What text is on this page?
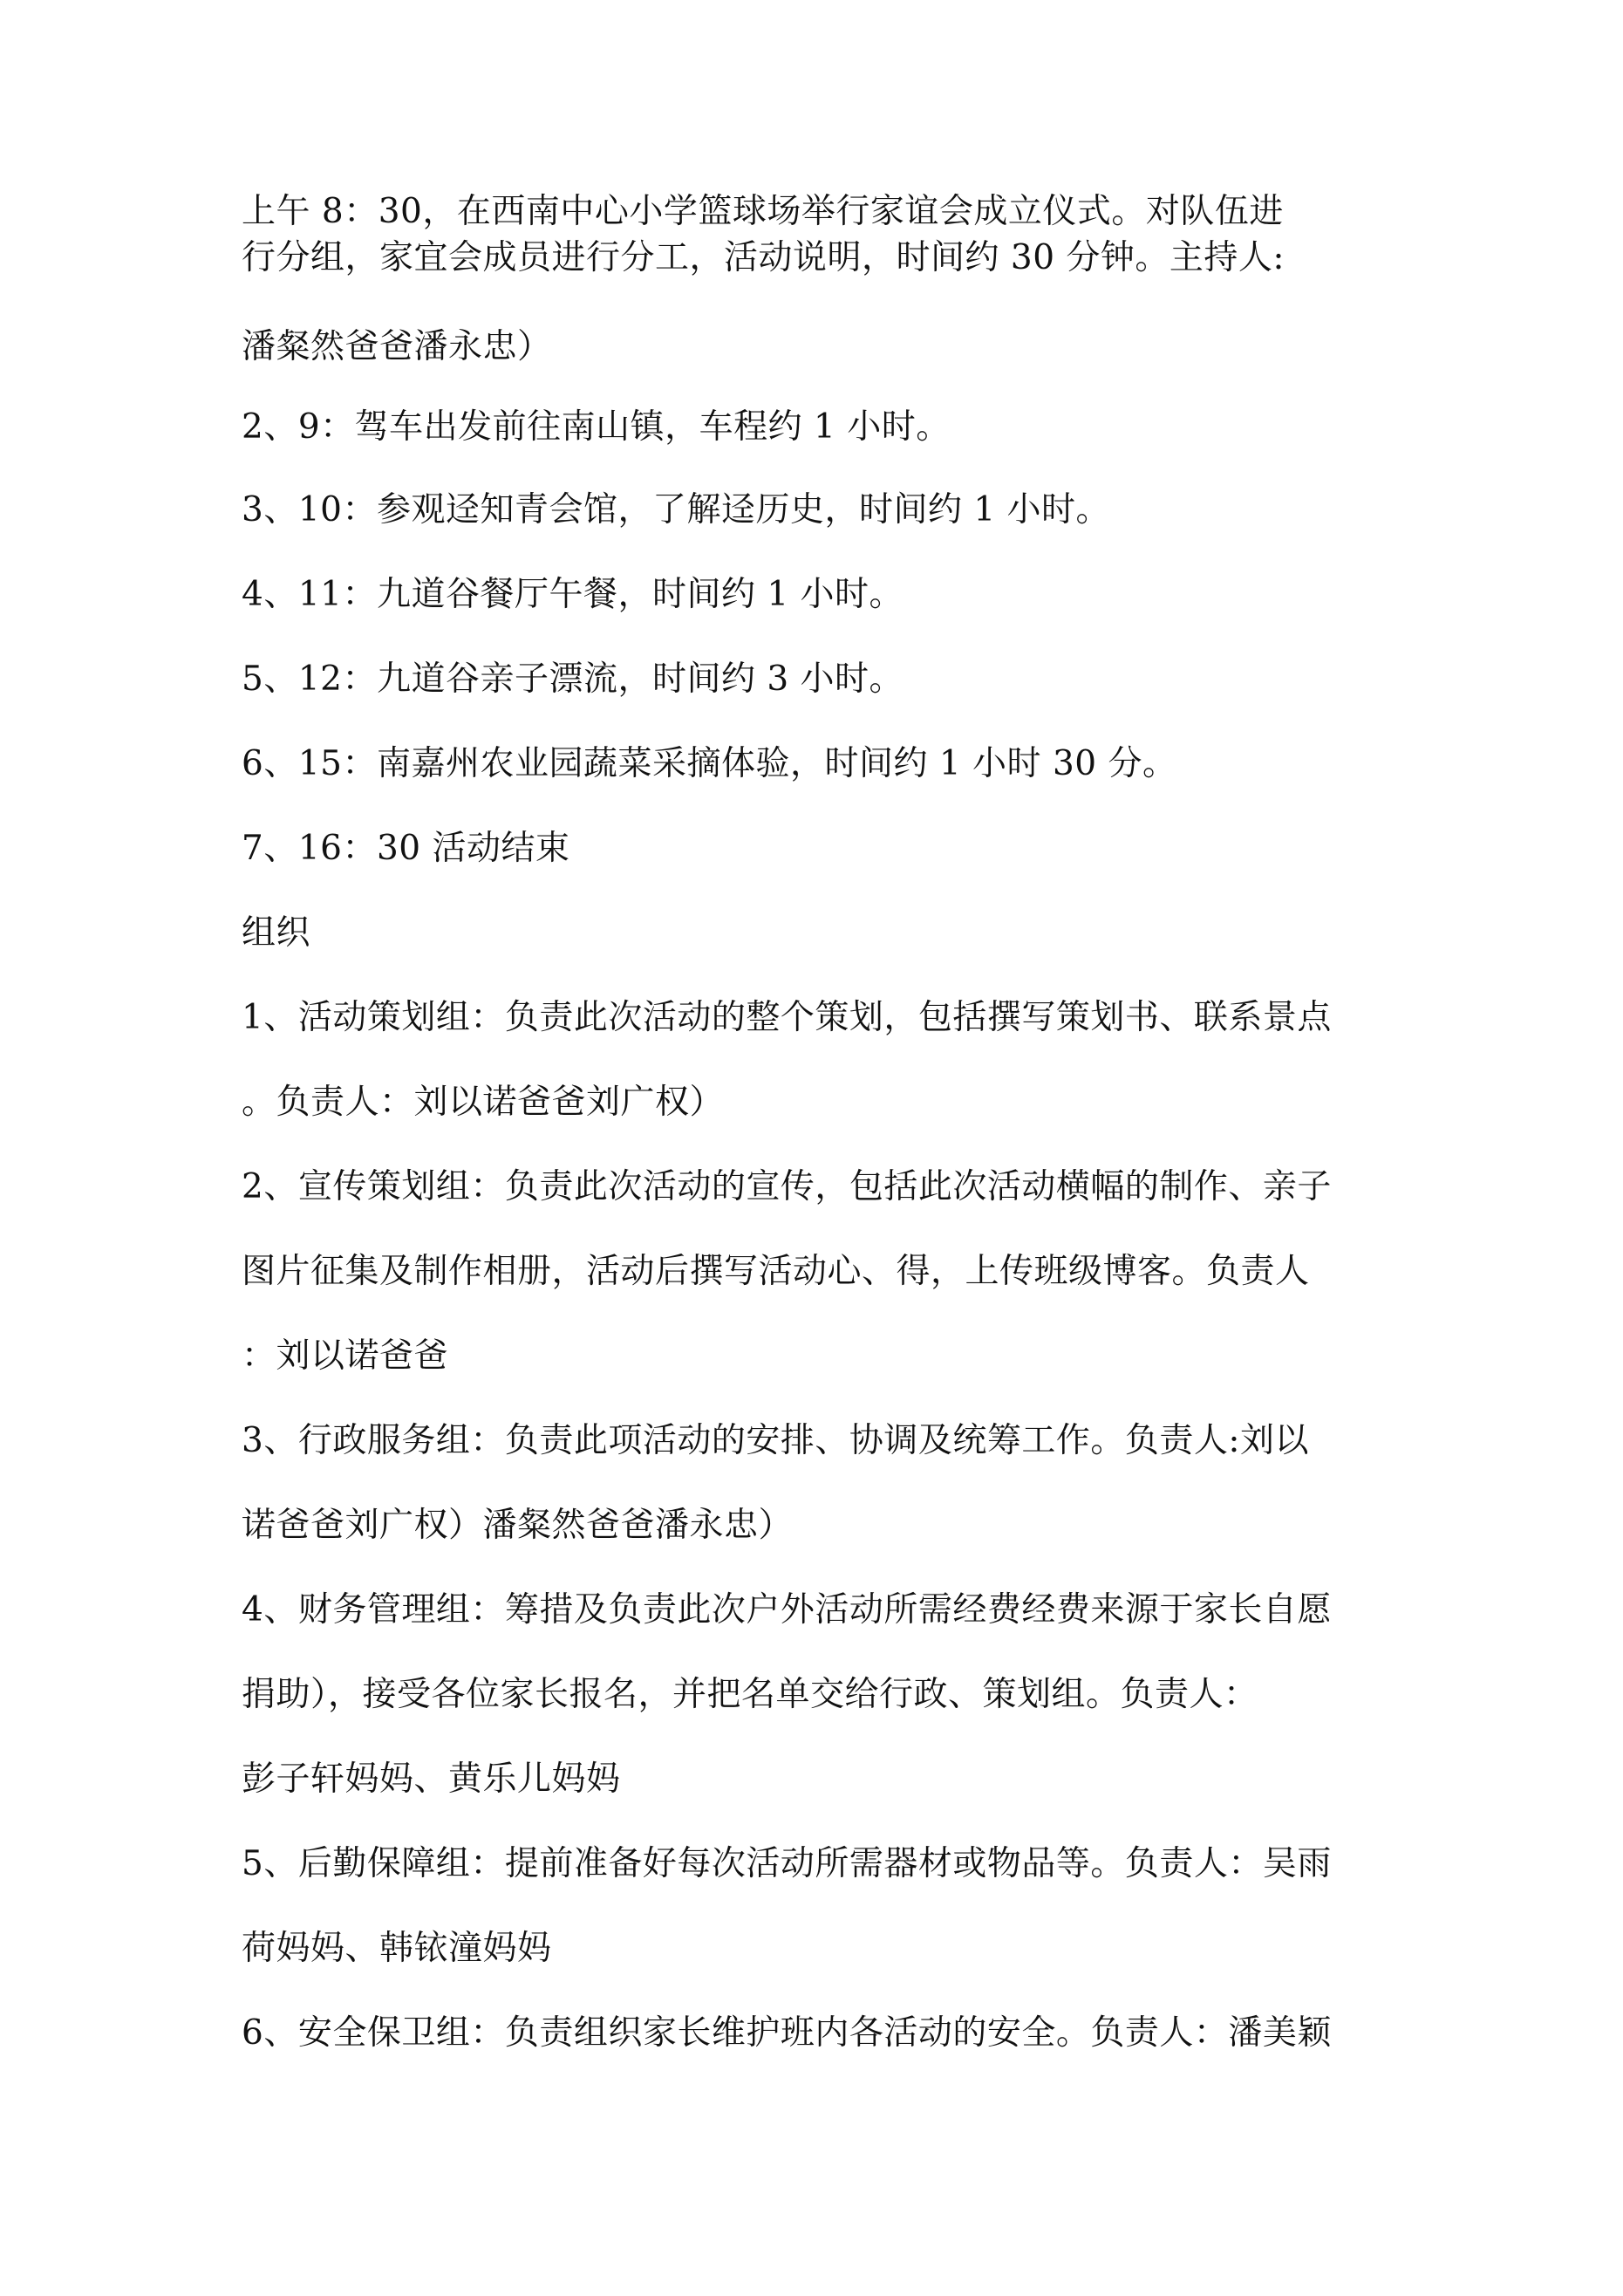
上午 8：30，在西南中心小学篮球场举行家谊会成立仪式。对队伍进

行分组，家宜会成员进行分工，活动说明，时间约 30 分钟。主持人:

潘粲然爸爸潘永忠）

2、9：驾车出发前往南山镇，车程约 1 小时。

3、10：参观迳知青会馆，了解迳历史，时间约 1 小时。

4、11：九道谷餐厅午餐，时间约 1 小时。

5、12：九道谷亲子漂流，时间约 3 小时。

6、15：南嘉州农业园蔬菜采摘体验，时间约 1 小时 30 分。

7、16：30 活动结束

组织

1、活动策划组：负责此次活动的整个策划，包括撰写策划书、联系景点

。负责人：刘以诺爸爸刘广权）

2、宣传策划组：负责此次活动的宣传，包括此次活动横幅的制作、亲子

图片征集及制作相册，活动后撰写活动心、得，上传班级博客。负责人

：刘以诺爸爸

3、行政服务组：负责此项活动的安排、协调及统筹工作。负责人:刘以

诺爸爸刘广权）潘粲然爸爸潘永忠）

4、财务管理组：筹措及负责此次户外活动所需经费经费来源于家长自愿

捐助），接受各位家长报名，并把名单交给行政、策划组。负责人：

彭子轩妈妈、黄乐儿妈妈

5、后勤保障组：提前准备好每次活动所需器材或物品等。负责人：吴雨

荷妈妈、韩铱潼妈妈

6、安全保卫组：负责组织家长维护班内各活动的安全。负责人：潘美颖
